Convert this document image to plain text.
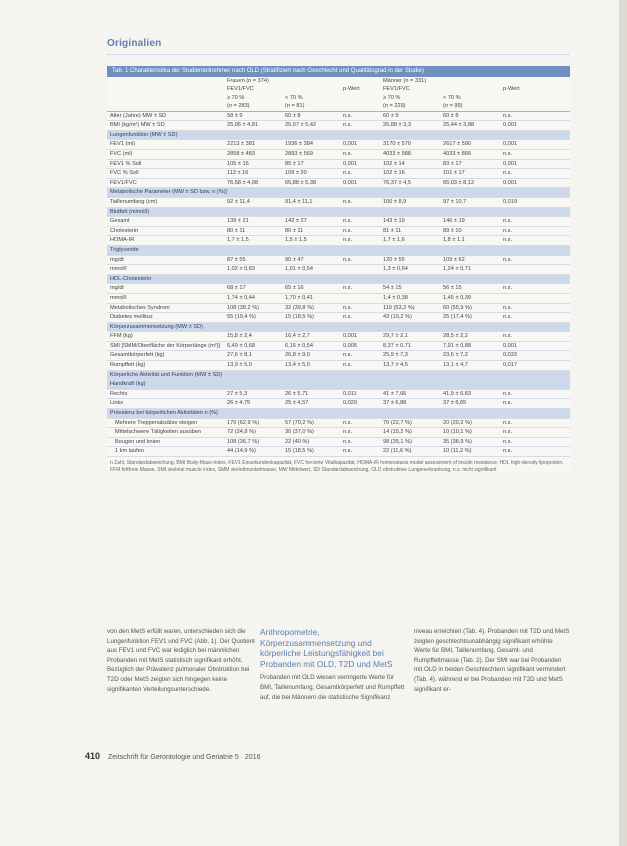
Originalien
Tab. 1 Charakteristika der Studienteilnehmer nach OLD (Stratifiziert nach Geschlecht und Qualitätsgrad in der Studie)
	Frauen (n = 374)			Männer (n = 331)		
	FEV1/FVC		p-Wert	FEV1/FVC		p-Wert
	≥ 70 %	< 70 %		≥ 70 %	< 70 %	
	(n = 283)	(n = 81)		(n = 229)	(n = 99)	
Alter (Jahre) MW ± SD	58 ± 9	60 ± 8	n.s.	60 ± 9	60 ± 8	n.s.
BMI (kg/m²) MW ± SD	25,06 ± 4,81	25,07 ± 5,42	n.s.	26,88 ± 3,3	25,44 ± 3,88	0,001
Lungenfunktion (MW ± SD)						
FEV1 (ml)	2213 ± 381	1936 ± 384	0,001	3170 ± 570	2617 ± 590	0,001
FVC (ml)	2858 ± 483	2893 ± 569	n.s.	4033 ± 588	4033 ± 866	n.s.
FEV1 % Soll	105 ± 16	85 ± 17	0,001	102 ± 14	83 ± 17	0,001
FVC % Soll	113 ± 16	109 ± 20	n.s.	102 ± 16	101 ± 17	n.s.
FEV1/FVC	76,58 ± 4,08	65,88 ± 5,38	0,001	76,37 ± 4,5	65,03 ± 8,12	0,001
Metabolische Parameter (MW ± SD bzw. n (%))						
Taillenumfang (cm)	92 ± 11,4	91,4 ± 11,1	n.s.	100 ± 8,9	97 ± 10,7	0,019
Blutfett (mmol/l)						
Gesamt	139 ± 21	142 ± 27	n.s.	143 ± 19	146 ± 19	n.s.
Cholesterin	80 ± 11	80 ± 11	n.s.	81 ± 11	89 ± 10	n.s.
HOMA-IR	1,7 ± 1,5	1,5 ± 1,5	n.s.	1,7 ± 1,6	1,8 ± 1,1	n.s.
Triglyceride						
mg/dl	87 ± 55	90 ± 47	n.s.	120 ± 55	109 ± 62	n.s.
mmol/l	1,02 ± 0,83	1,01 ± 0,54		1,3 ± 0,64	1,24 ± 0,71	
HDL-Cholesterin						
mg/dl	68 ± 17	65 ± 16	n.s.	54 ± 15	56 ± 15	n.s.
mmol/l	1,74 ± 0,44	1,70 ± 0,41		1,4 ± 0,38	1,45 ± 0,39	
Metabolisches Syndrom	108 (38,2 %)	32 (39,8 %)	n.s.	119 (53,2 %)	60 (55,9 %)	n.s.
Diabetes mellitus	55 (19,4 %)	15 (18,5 %)	n.s.	43 (19,2 %)	25 (17,4 %)	n.s.
Körperzusammensetzung (MW ± SD)						
FFM (kg)	15,8 ± 2,4	16,4 ± 2,7	0,001	29,7 ± 2,1	28,5 ± 2,2	n.s.
SMI [SMM/Oberfläche der Körperlänge (m²)]	6,49 ± 0,68	6,16 ± 0,54	0,005	8,37 ± 0,71	7,91 ± 0,88	0,001
Gesamtkörperfett (kg)	27,6 ± 8,1	26,8 ± 9,0	n.s.	25,9 ± 7,3	23,6 ± 7,2	0,033
Rumpffett (kg)	13,9 ± 5,0	13,4 ± 5,0	n.s.	13,7 ± 4,5	13,1 ± 4,7	0,017
Körperliche Aktivität und Funktion (MW ± SD)						
Handkraft (kg)						
Rechts	27 ± 5,3	26 ± 5,71	0,011	41 ± 7,66	41,9 ± 6,83	n.s.
Links	26 ± 4,75	25 ± 4,57	0,029	37 ± 6,88	37 ± 6,65	n.s.
Prävalenz bei körperlichen Aktivitäten n (%)						
Mehrere Treppenabsätze steigen	170 (62,9 %)	57 (70,2 %)	n.s.	70 (22,7 %)	20 (20,2 %)	n.s.
Mittelschwere Tätigkeiten ausüben	72 (24,9 %)	30 (37,0 %)	n.s.	14 (15,2 %)	10 (10,1 %)	n.s.
Beugen und knien	108 (36,7 %)	22 (40 %)	n.s.	98 (35,1 %)	35 (38,9 %)	n.s.
1 km laufen	44 (14,9 %)	15 (18,5 %)	n.s.	22 (11,6 %)	10 (11,2 %)	n.s.
n Zahl, Standardabweichung, BMI Body-Mass-Index, FEV1 Einsekundenkapazität, FVC forcierte Vitalkapazität, HOMA-IR homeostasis model assessment of insulin resistance, HDL high-density lipoprotein, FFM fettfreie Masse, SMI skeletal muscle index, SMM skelettmuskelmasse, MW Mittelwert, SD Standardabweichung, OLD obstruktive Lungenerkrankung, n.s. nicht signifikant

von den MetS erfüllt waren, unterschieden sich die Lungenfunktion FEV1 und FVC (Abb. 1). Der Quotient aus FEV1 und FVC war lediglich bei männlichen Probanden mit MetS statistisch signifikant erhöht. Bezüglich der Prävalenz pulmonaler Obstruktion bei T2D oder MetS zeigten sich hingegen keine signifikanten Verteilungsunterschiede.

Anthropometrie, Körperzusammensetzung und körperliche Leistungsfähigkeit bei Probanden mit OLD, T2D und MetS

Probanden mit OLD wiesen verringerte Werte für BMI, Taillenumfang, Gesamtkörperfett und Rumpffett auf, die bei Männern die statistische Signifikanz

niveau erreichten (Tab. 4). Probanden mit T2D und MetS zeigten geschlechtsunabhängig signifikant erhöhte Werte für BMI, Taillenumfang, Gesamt- und Rumpffettmasse (Tab. 2). Der SMI war bei Probanden mit OLD in beiden Geschlechtern signifikant vermindert (Tab. 4), während er bei Probanden mit T2D und MetS signifikant er-

410 Zeitschrift für Gerontologie und Geriatrie 5 · 2016
